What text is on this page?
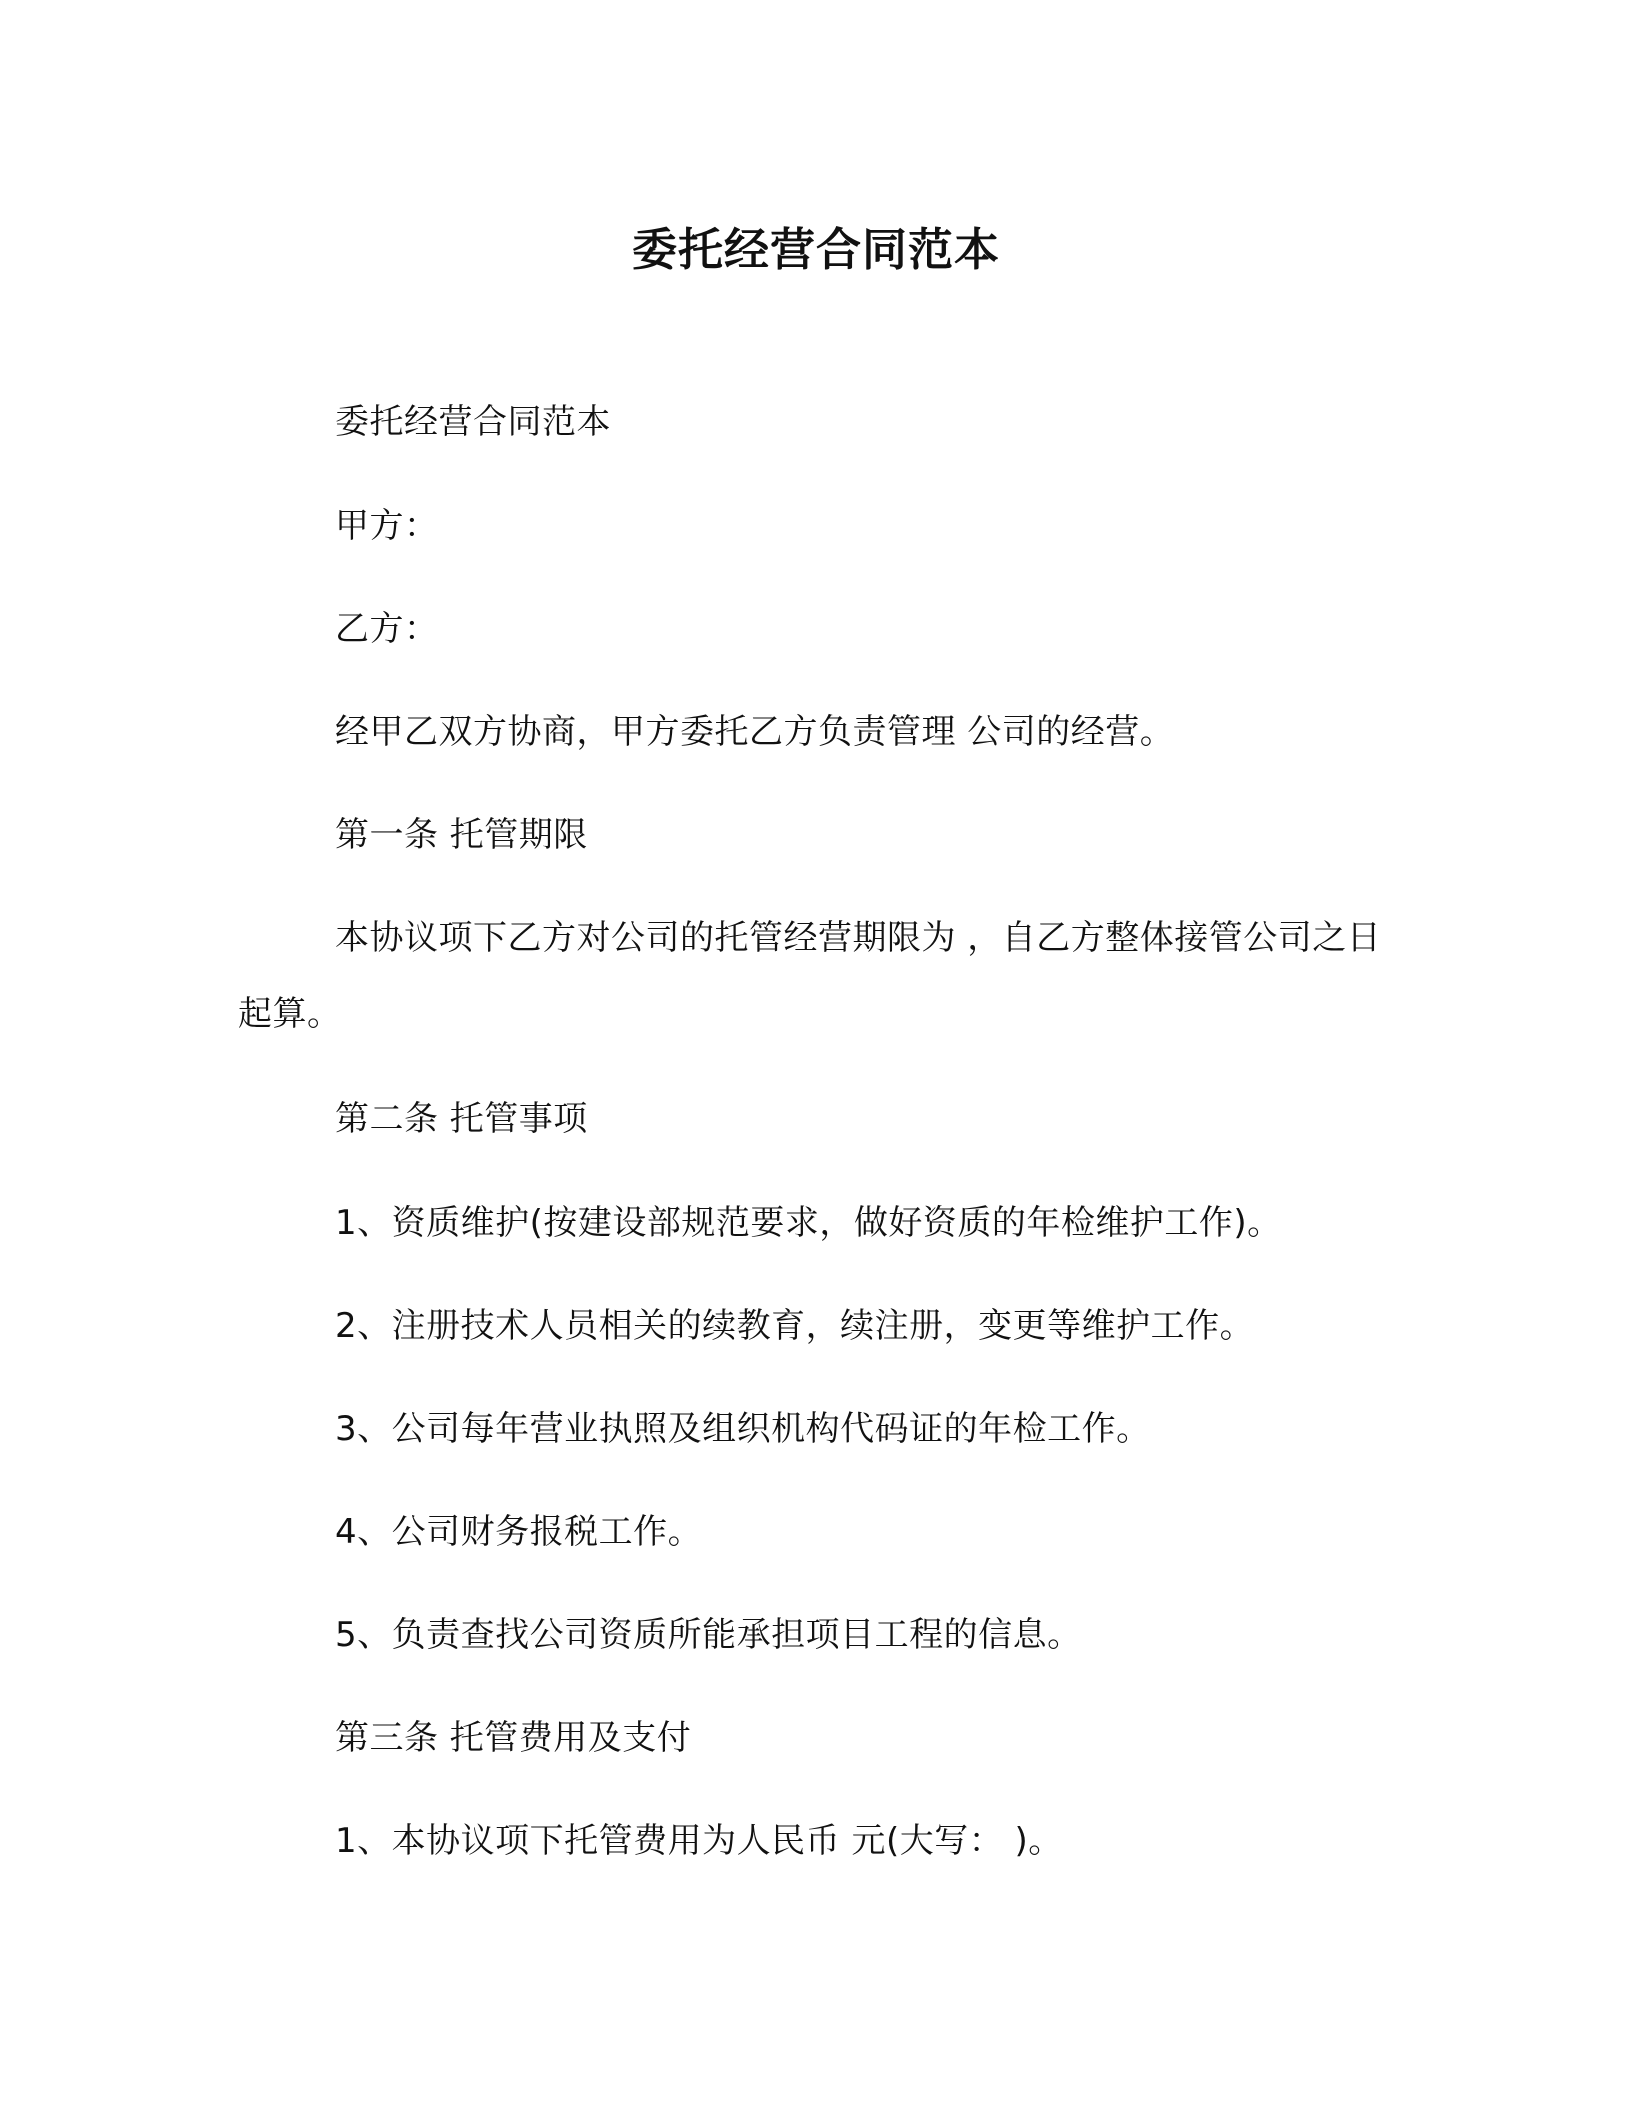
委托经营合同范本
委托经营合同范本
甲方：
乙方：
经甲乙双方协商，甲方委托乙方负责管理 公司的经营。
第一条 托管期限
本协议项下乙方对公司的托管经营期限为 ，自乙方整体接管公司之日起算。
第二条 托管事项
1、资质维护(按建设部规范要求，做好资质的年检维护工作)。
2、注册技术人员相关的续教育，续注册，变更等维护工作。
3、公司每年营业执照及组织机构代码证的年检工作。
4、公司财务报税工作。
5、负责查找公司资质所能承担项目工程的信息。
第三条 托管费用及支付
1、本协议项下托管费用为人民币 元(大写： )。
